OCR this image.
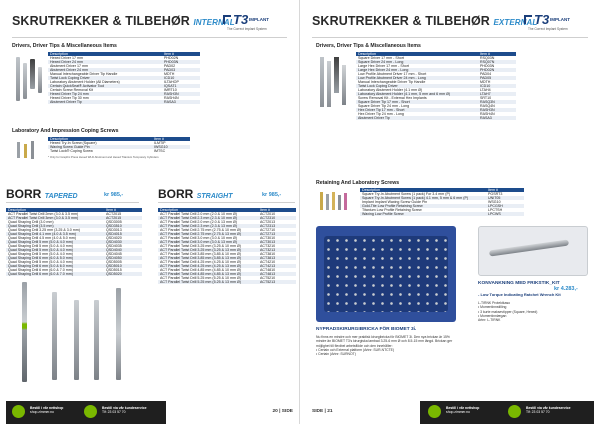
SKRUTREKKER & TILBEHØR INTERNAL
T3 IMPLANT
The Correct Implant System
Drivers, Driver Tips & Miscellaneous Items
Description	Item #
Hexed Driver 17 mm	PHD02N
Hexed Driver 24 mm	PHD03N
Abutment Driver 17 mm	PAD02
Abutment Driver 24 mm	PAD03
Manual Interchangeable Driver Tip Handle	MDTH
Twist Lock Coping Driver	ICD10
Laboratory Abutment Holder (All Diameters)	ILTAHOP
Certain QuickSeat® Activator Tool	IQSAT1
Certain Screw Removal Kit	IMRT10
Hexed Driver Tip 24 mm	RASH3N
Hexed Driver Tip 30 mm	RASH4N
Abutment Driver Tip	RASA3
Laboratory And Impression Coping Screws
Description	Item #
Hexed Try-In Screw (Square)	ILMTIP
Waxing Screw Guide Pin	IWSG10
Twist Lock® Coping Screw	IMTSC
* Only for Graphic Press Hexed WLD Abutment and Hexed Titanium Temporary Cylinders
BORR TAPERED	kr 985,-
Description	Item #
ACT Parallel Twist Drill 2mm (3.0 & 3.5 mm)	ACT2015
ACT Parallel Twist Drill 3mm (3.0 & 3.5 mm)	ACT2015
Quad Shaping Drill (3.0 mm)	QSD3005
Quad Shaping Drill (3.5 mm)	QSD3510
Quad Shaping Drill 3.25 mm (3.25 & 3.0 mm)	QSD3013
Quad Shaping Drill 4.1 mm (4.0 & 3.5 mm)	QSD4015
Quad Shaping Drill 4.5 mm (4.0 & 5.0 mm)	QSD4020
Quad Shaping Drill 5 mm (5.0 & 4.0 mm)	QSD4030
Quad Shaping Drill 5 mm (5.0 & 4.0 mm)	QSD4035
Quad Shaping Drill 5 mm (5.0 & 4.0 mm)	QSD4040
Quad Shaping Drill 5 mm (5.0 & 4.0 mm)	QSD4045
Quad Shaping Drill 6 mm (6.0 & 5.0 mm)	QSD4050
Quad Shaping Drill 5 mm (5.0 & 4.0 mm)	QSD5005
Quad Shaping Drill 6 mm (5.0 & 6.0 mm)	QSD5010
Quad Shaping Drill 6 mm (6.0 & 7.0 mm)	QSD5015
Quad Shaping Drill 6 mm (6.0 & 7.0 mm)	QSD5020
BORR STRAIGHT	kr 985,-
Description	Item #
ACT Parallel Twist Drill 2.0 mm (2.0 & 10 mm Ø)	ACT2010
ACT Parallel Twist Drill 2.3 mm (2.3 & 10 mm Ø)	ACT2310
ACT Parallel Twist Drill 2.0 mm (2.0 & 13 mm Ø)	ACT2013
ACT Parallel Twist Drill 2.3 mm (2.3 & 13 mm Ø)	ACT2313
ACT Parallel Twist Drill 2.75 mm (2.75 & 10 mm Ø)	ACT2710
ACT Parallel Twist Drill 2.75 mm (2.75 & 13 mm Ø)	ACT2713
ACT Parallel Twist Drill 3.0 mm (3.0 & 10 mm Ø)	ACT3010
ACT Parallel Twist Drill 3.0 mm (3.0 & 13 mm Ø)	ACT3013
ACT Parallel Twist Drill 3.25 mm (3.25 & 10 mm Ø)	ACT3210
ACT Parallel Twist Drill 3.25 mm (3.25 & 13 mm Ø)	ACT3213
ACT Parallel Twist Drill 3.85 mm (3.85 & 10 mm Ø)	ACT3810
ACT Parallel Twist Drill 3.85 mm (3.85 & 13 mm Ø)	ACT3813
ACT Parallel Twist Drill 4.25 mm (4.25 & 10 mm Ø)	ACT4210
ACT Parallel Twist Drill 4.25 mm (4.25 & 13 mm Ø)	ACT4213
ACT Parallel Twist Drill 4.85 mm (4.85 & 10 mm Ø)	ACT4810
ACT Parallel Twist Drill 4.85 mm (4.85 & 13 mm Ø)	ACT4813
ACT Parallel Twist Drill 5.25 mm (5.25 & 10 mm Ø)	ACT5210
ACT Parallel Twist Drill 5.25 mm (5.25 & 13 mm Ø)	ACT5213
Bestill i vår nettshop
shop.zimmer.no
Bestill via vår kundeservice
Tlf: 23 03 57 70	20 | SIDE
SKRUTREKKER & TILBEHØR EXTERNAL
T3 IMPLANT
The Correct Implant System
Drivers, Driver Tips & Miscellaneous Items
Description	Item #
Square Driver 17 mm - Short	RSQ03N
Square Driver 24 mm - Long	RSQ07N
Large Hex Driver 17 mm - Short	PHD03N
Large Hex Driver 24 mm - Long	PHD02N
Low Profile Abutment Driver 17 mm - Short	PAD04
Low Profile Abutment Driver 24 mm - Long	PAD05
Manual Interchangeable Driver Tip Handle	MDTH
Twist Lock Coping Driver	ICD10
Laboratory Abutment Holder (4.1 mm Ø)	LTAH4
Laboratory Abutment Holder (4.1 mm, 5 mm and 6 mm Ø)	LTAH7
Screw Removal Kit - External Hex Implants	SRT10
Square Driver Tip 17 mm - Short	RASQ3N
Square Driver Tip 24 mm - Long	RASQ4N
Hex Driver Tip 17 mm - Short	RASH3N
Hex Driver Tip 24 mm - Long	RASH4N
Abutment Driver Tip	RASA3
Retaining And Laboratory Screws
Description	Item #
Square Try-In Abutment Screw (1 pack) For 3.4 mm (P)	PGSRT3
Square Try-In Abutment Screw (1 pack) 4.1 mm, 5 mm & 6 mm (P)	UNIT05
Implant Implant Waxing Screw Guide Pin	WSG10
Gold-Tite Low Profile Retaining Screw	LPCGSH
Titanium Low Profile Retaining Screw	LPCTSH
Waxing Low Profile Screw	LPCWS
NYPRADSKIRURGIBRICKA FÖR BIOMET 3i.
Nu finns en mindre och mer praktisk kirurgibricka för BIOMET 3i. Den nya brickan är 15% mindre än BIOMET T3's kirurgiska lambad 3.25-6 mm Ø och 8.5-15 mm längd. Brickan ger möjlighet till flexibel arbetsflöde och den innehåller:
• Certain och External platform (Artnr: SUR-NTCTE)
• Certain (Artnr: SURNOT)
KONVANKNING MED FRIKSTIK_KIT
kr 4.283,-
- Low Torque Indicating Ratchet Wrench Kit
L-TIRNK Protektkaso
• Momentinnstilling
• 3 kurte maksevtipper (Square, Hexed)
• Momentinnlægan
Artnr: L-TIRNK
Bestill i vår nettshop
shop.zimmer.no
Bestill via vår kundeservice
Tlf: 23 03 57 70
SIDE | 21
